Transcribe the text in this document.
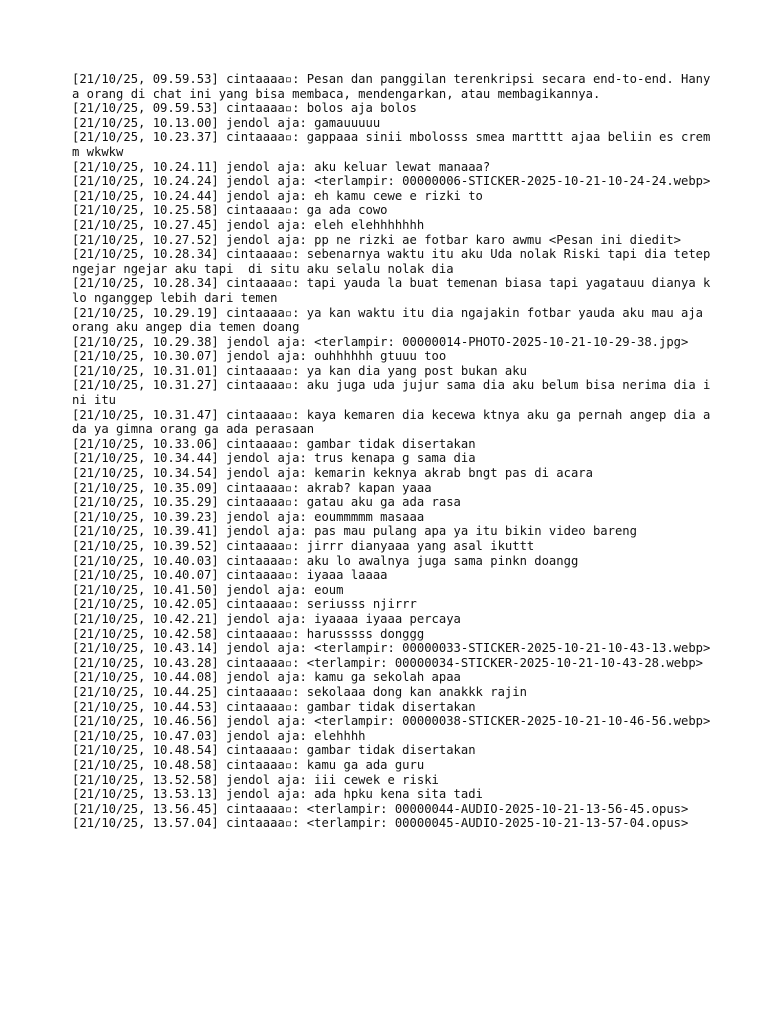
[21/10/25, 09.59.53] cintaaaa▫: Pesan dan panggilan terenkripsi secara end-to-end. Hanya orang di chat ini yang bisa membaca, mendengarkan, atau membagikannya.

[21/10/25, 09.59.53] cintaaaa▫: bolos aja bolos

[21/10/25, 10.13.00] jendol aja: gamauuuuu

[21/10/25, 10.23.37] cintaaaa▫: gappaaa sinii mbolosss smea martttt ajaa beliin es cremm wkwkw

[21/10/25, 10.24.11] jendol aja: aku keluar lewat manaaa?

[21/10/25, 10.24.24] jendol aja: <terlampir: 00000006-STICKER-2025-10-21-10-24-24.webp>

[21/10/25, 10.24.44] jendol aja: eh kamu cewe e rizki to

[21/10/25, 10.25.58] cintaaaa▫: ga ada cowo

[21/10/25, 10.27.45] jendol aja: eleh elehhhhhhh

[21/10/25, 10.27.52] jendol aja: pp ne rizki ae fotbar karo awmu <Pesan ini diedit>

[21/10/25, 10.28.34] cintaaaa▫: sebenarnya waktu itu aku Uda nolak Riski tapi dia tetep ngejar ngejar aku tapi  di situ aku selalu nolak dia

[21/10/25, 10.28.34] cintaaaa▫: tapi yauda la buat temenan biasa tapi yagatauu dianya klo nganggep lebih dari temen

[21/10/25, 10.29.19] cintaaaa▫: ya kan waktu itu dia ngajakin fotbar yauda aku mau aja orang aku angep dia temen doang

[21/10/25, 10.29.38] jendol aja: <terlampir: 00000014-PHOTO-2025-10-21-10-29-38.jpg>

[21/10/25, 10.30.07] jendol aja: ouhhhhhh gtuuu too

[21/10/25, 10.31.01] cintaaaa▫: ya kan dia yang post bukan aku

[21/10/25, 10.31.27] cintaaaa▫: aku juga uda jujur sama dia aku belum bisa nerima dia ini itu

[21/10/25, 10.31.47] cintaaaa▫: kaya kemaren dia kecewa ktnya aku ga pernah angep dia ada ya gimna orang ga ada perasaan

[21/10/25, 10.33.06] cintaaaa▫: gambar tidak disertakan

[21/10/25, 10.34.44] jendol aja: trus kenapa g sama dia

[21/10/25, 10.34.54] jendol aja: kemarin keknya akrab bngt pas di acara

[21/10/25, 10.35.09] cintaaaa▫: akrab? kapan yaaa

[21/10/25, 10.35.29] cintaaaa▫: gatau aku ga ada rasa

[21/10/25, 10.39.23] jendol aja: eoummmmm masaaa

[21/10/25, 10.39.41] jendol aja: pas mau pulang apa ya itu bikin video bareng

[21/10/25, 10.39.52] cintaaaa▫: jirrr dianyaaa yang asal ikuttt

[21/10/25, 10.40.03] cintaaaa▫: aku lo awalnya juga sama pinkn doangg

[21/10/25, 10.40.07] cintaaaa▫: iyaaa laaaa

[21/10/25, 10.41.50] jendol aja: eoum

[21/10/25, 10.42.05] cintaaaa▫: seriusss njirrr

[21/10/25, 10.42.21] jendol aja: iyaaaa iyaaa percaya

[21/10/25, 10.42.58] cintaaaa▫: harusssss donggg

[21/10/25, 10.43.14] jendol aja: <terlampir: 00000033-STICKER-2025-10-21-10-43-13.webp>

[21/10/25, 10.43.28] cintaaaa▫: <terlampir: 00000034-STICKER-2025-10-21-10-43-28.webp>

[21/10/25, 10.44.08] jendol aja: kamu ga sekolah apaa

[21/10/25, 10.44.25] cintaaaa▫: sekolaaa dong kan anakkk rajin

[21/10/25, 10.44.53] cintaaaa▫: gambar tidak disertakan

[21/10/25, 10.46.56] jendol aja: <terlampir: 00000038-STICKER-2025-10-21-10-46-56.webp>

[21/10/25, 10.47.03] jendol aja: elehhhh

[21/10/25, 10.48.54] cintaaaa▫: gambar tidak disertakan

[21/10/25, 10.48.58] cintaaaa▫: kamu ga ada guru

[21/10/25, 13.52.58] jendol aja: iii cewek e riski

[21/10/25, 13.53.13] jendol aja: ada hpku kena sita tadi

[21/10/25, 13.56.45] cintaaaa▫: <terlampir: 00000044-AUDIO-2025-10-21-13-56-45.opus>

[21/10/25, 13.57.04] cintaaaa▫: <terlampir: 00000045-AUDIO-2025-10-21-13-57-04.opus>
